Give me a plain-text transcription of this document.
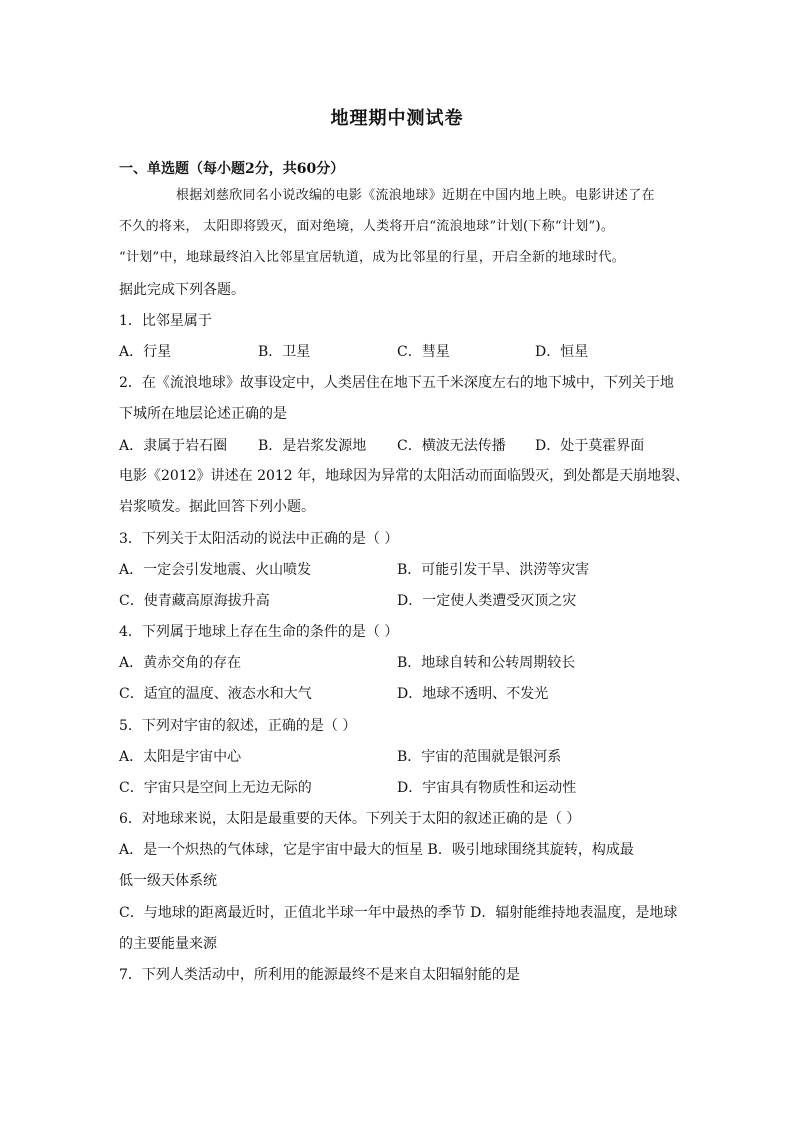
地理期中测试卷
一、单选题（每小题2分，共60分）
根据刘慈欣同名小说改编的电影《流浪地球》近期在中国内地上映。电影讲述了在
不久的将来， 太阳即将毁灭，面对绝境，人类将开启“流浪地球”计划(下称“计划”)。
“计划”中，地球最终泊入比邻星宜居轨道，成为比邻星的行星，开启全新的地球时代。
据此完成下列各题。
1．比邻星属于
A．行星	B．卫星	C．彗星	D．恒星
2．在《流浪地球》故事设定中，人类居住在地下五千米深度左右的地下城中，下列关于地
下城所在地层论述正确的是
A．隶属于岩石圈 B．是岩浆发源地 C．横波无法传播 D．处于莫霍界面
电影《2012》讲述在 2012 年，地球因为异常的太阳活动而面临毁灭，到处都是天崩地裂、
岩浆喷发。据此回答下列小题。
3．下列关于太阳活动的说法中正确的是（ ）
A．一定会引发地震、火山喷发	B．可能引发干旱、洪涝等灾害
C．使青藏高原海拔升高	D．一定使人类遭受灭顶之灾
4．下列属于地球上存在生命的条件的是（ ）
A．黄赤交角的存在	B．地球自转和公转周期较长
C．适宜的温度、液态水和大气	D．地球不透明、不发光
5．下列对宇宙的叙述，正确的是（ ）
A．太阳是宇宙中心	B．宇宙的范围就是银河系
C．宇宙只是空间上无边无际的	D．宇宙具有物质性和运动性
6．对地球来说，太阳是最重要的天体。下列关于太阳的叙述正确的是（ ）
A．是一个炽热的气体球，它是宇宙中最大的恒星 B．吸引地球围绕其旋转，构成最
低一级天体系统
C．与地球的距离最近时，正值北半球一年中最热的季节 D．辐射能维持地表温度，是地球
的主要能量来源
7．下列人类活动中，所利用的能源最终不是来自太阳辐射能的是
